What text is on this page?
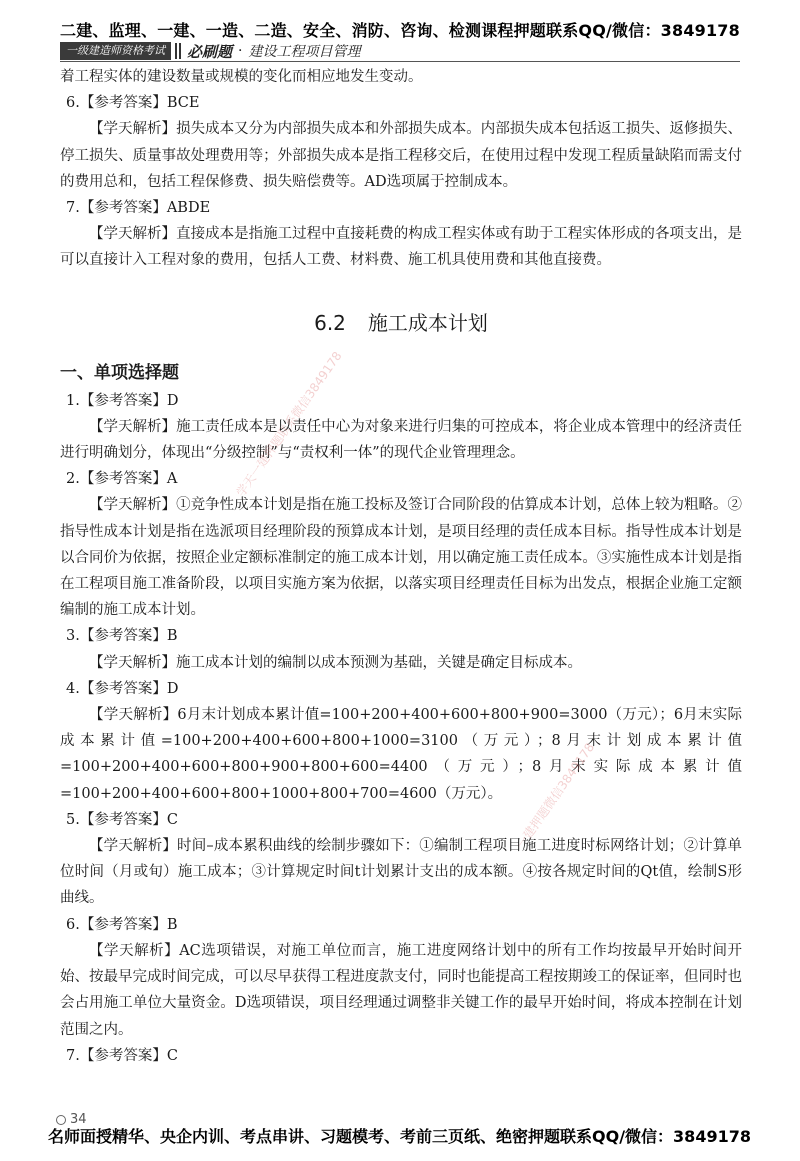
二建、监理、一建、一造、二造、安全、消防、咨询、检测课程押题联系QQ/微信：3849178
一级建造师资格考试	必刷题 · 建设工程项目管理

着工程实体的建设数量或规模的变化而相应地发生变动。

6.【参考答案】BCE

【学天解析】损失成本又分为内部损失成本和外部损失成本。内部损失成本包括返工损失、返修损失、停工损失、质量事故处理费用等；外部损失成本是指工程移交后，在使用过程中发现工程质量缺陷而需支付的费用总和，包括工程保修费、损失赔偿费等。AD选项属于控制成本。

7.【参考答案】ABDE

【学天解析】直接成本是指施工过程中直接耗费的构成工程实体或有助于工程实体形成的各项支出，是可以直接计入工程对象的费用，包括人工费、材料费、施工机具使用费和其他直接费。

6.2 施工成本计划

一、单项选择题

1.【参考答案】D

【学天解析】施工责任成本是以责任中心为对象来进行归集的可控成本，将企业成本管理中的经济责任进行明确划分，体现出“分级控制”与“责权利一体”的现代企业管理理念。

2.【参考答案】A

【学天解析】①竞争性成本计划是指在施工投标及签订合同阶段的估算成本计划，总体上较为粗略。②指导性成本计划是指在选派项目经理阶段的预算成本计划，是项目经理的责任成本目标。指导性成本计划是以合同价为依据，按照企业定额标准制定的施工成本计划，用以确定施工责任成本。③实施性成本计划是指在工程项目施工准备阶段，以项目实施方案为依据，以落实项目经理责任目标为出发点，根据企业施工定额编制的施工成本计划。

3.【参考答案】B

【学天解析】施工成本计划的编制以成本预测为基础，关键是确定目标成本。

4.【参考答案】D

【学天解析】6月末计划成本累计值=100+200+400+600+800+900=3000（万元）；6月末实际成本累计值=100+200+400+600+800+1000=3100（万元）；8月末计划成本累计值=100+200+400+600+800+900+800+600=4400（万元）；8月末实际成本累计值=100+200+400+600+800+1000+800+700=4600（万元）。

5.【参考答案】C

【学天解析】时间–成本累积曲线的绘制步骤如下：①编制工程项目施工进度时标网络计划；②计算单位时间（月或旬）施工成本；③计算规定时间t计划累计支出的成本额。④按各规定时间的Qt值，绘制S形曲线。

6.【参考答案】B

【学天解析】AC选项错误，对施工单位而言，施工进度网络计划中的所有工作均按最早开始时间开始、按最早完成时间完成，可以尽早获得工程进度款支付，同时也能提高工程按期竣工的保证率，但同时也会占用施工单位大量资金。D选项错误，项目经理通过调整非关键工作的最早开始时间，将成本控制在计划范围之内。

7.【参考答案】C

学天一建押题联系微信3849178
一建押题微信3849178
34
名师面授精华、央企内训、考点串讲、习题模考、考前三页纸、绝密押题联系QQ/微信：3849178
